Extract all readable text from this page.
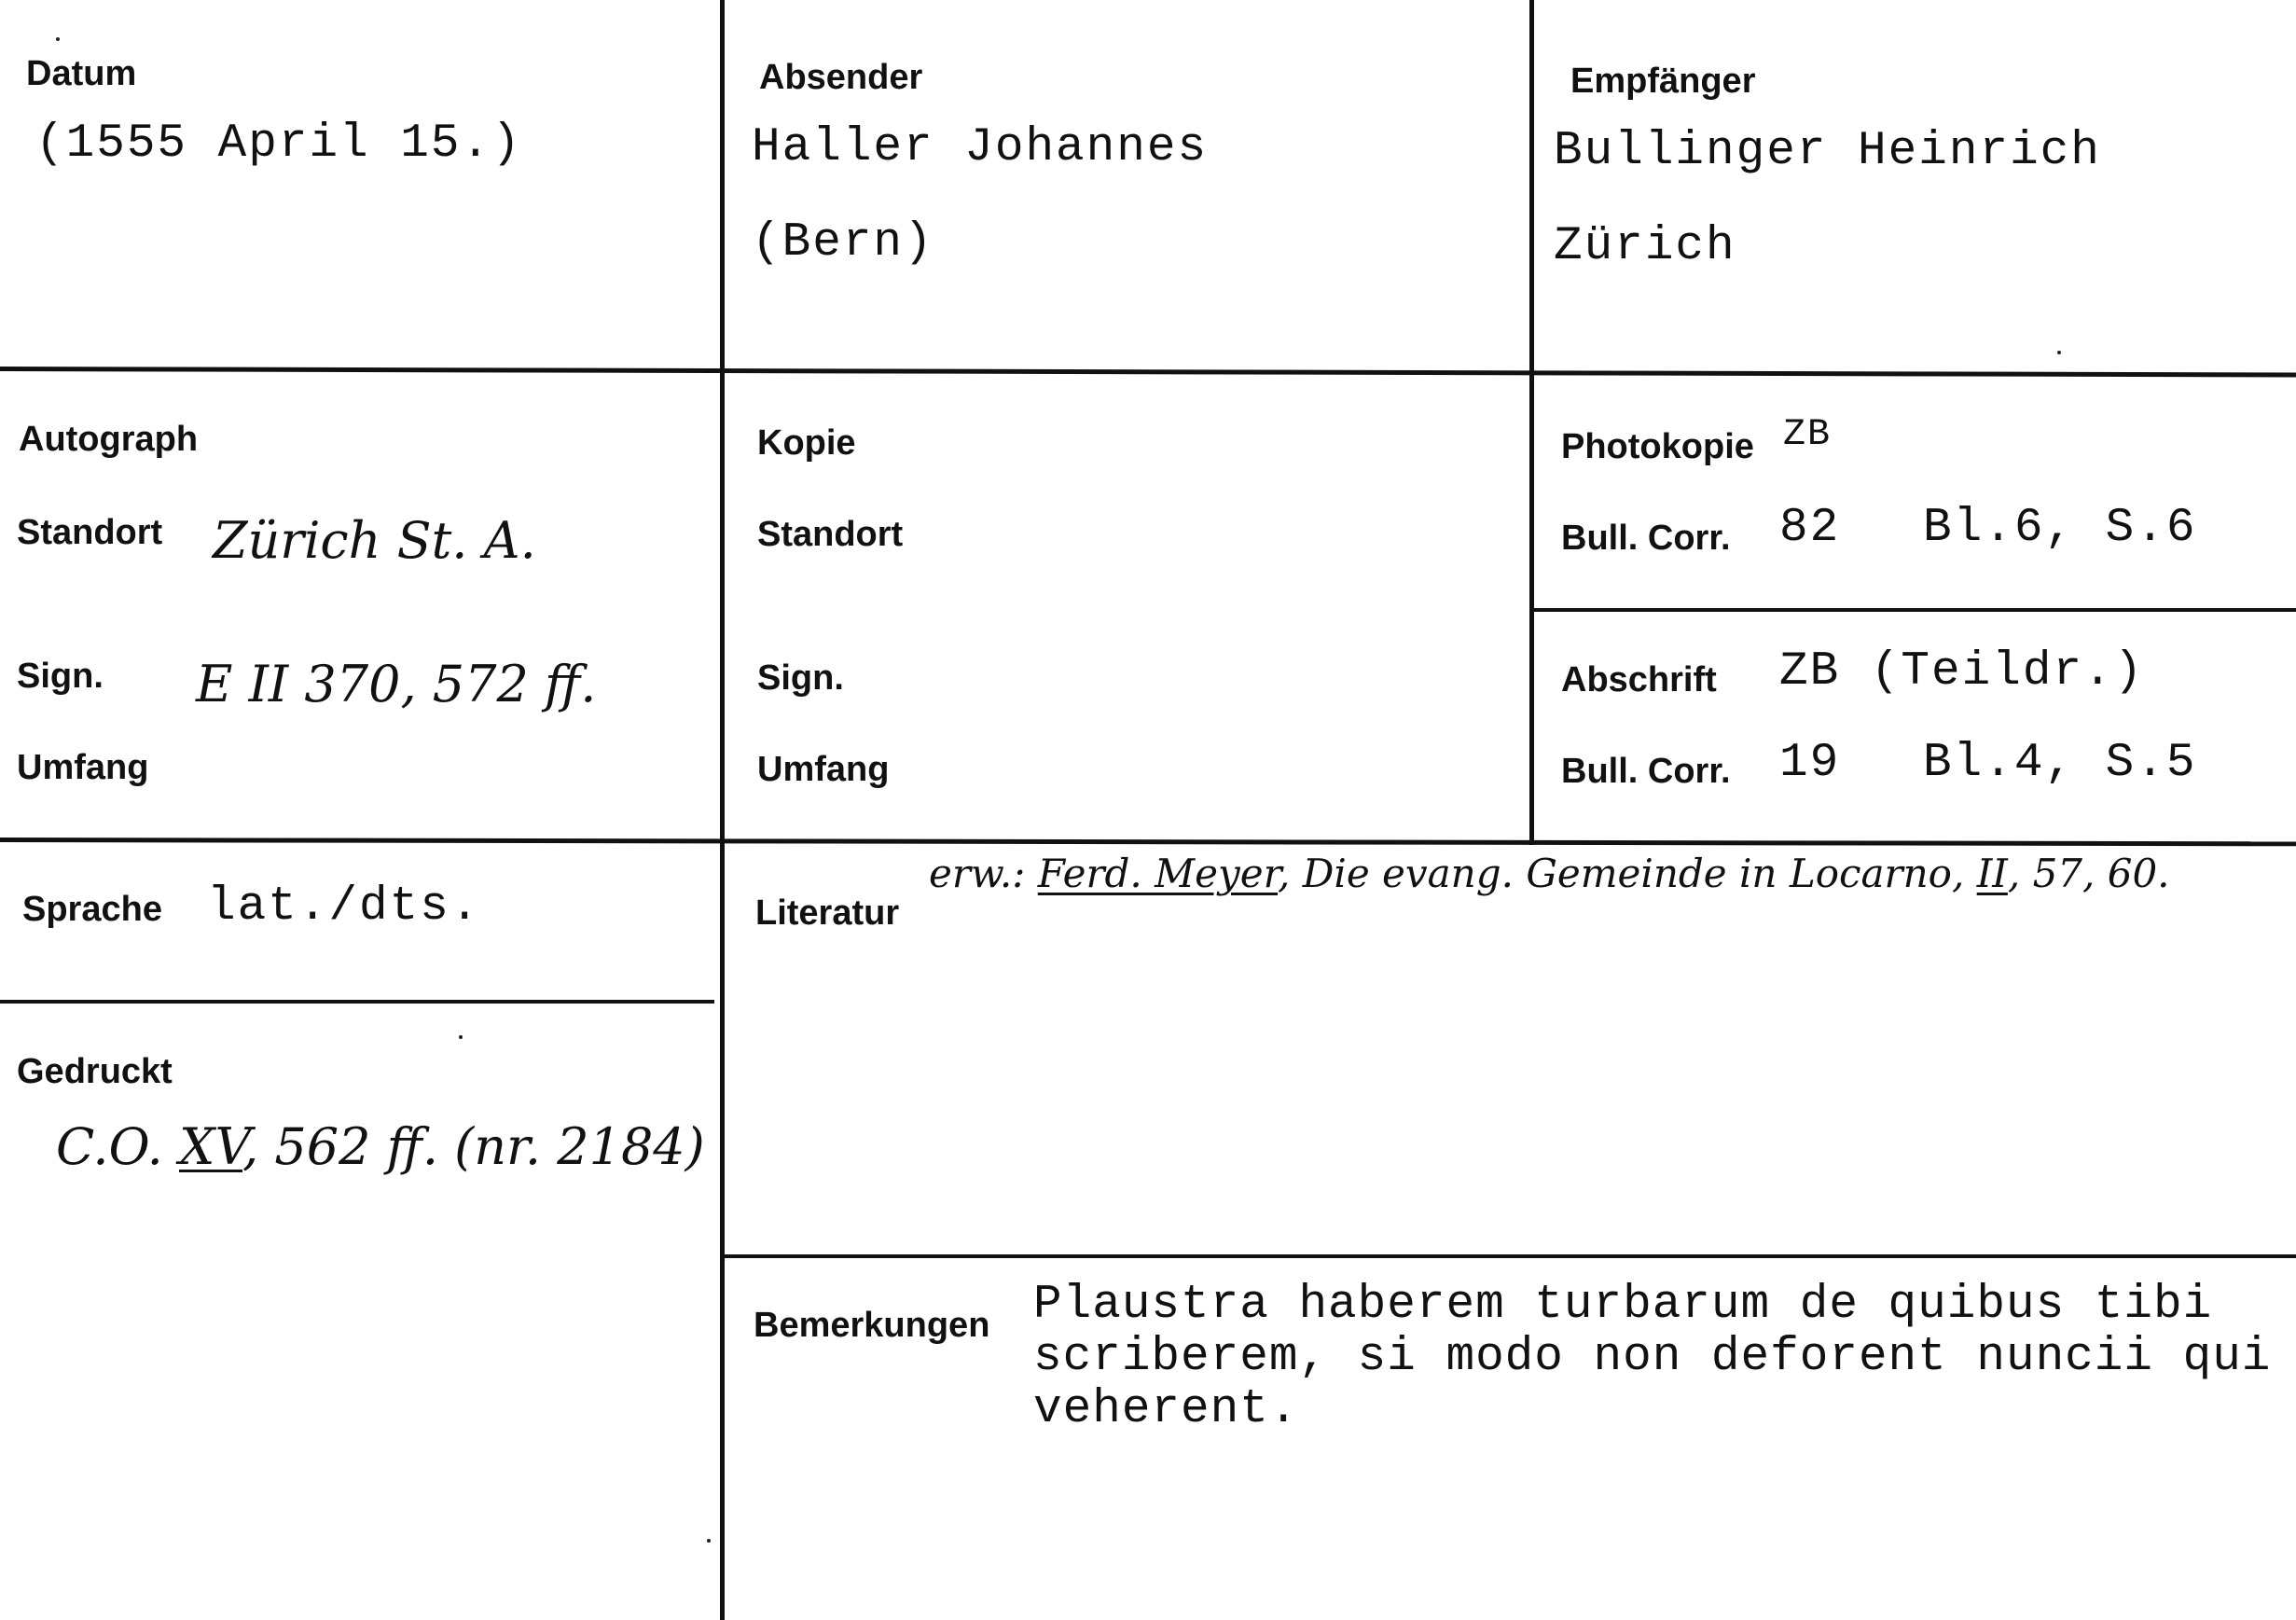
Datum
(1555 April 15.)
Absender
Haller Johannes
(Bern)
Empfänger
Bullinger Heinrich
Zürich
Autograph
Standort Zürich St. A.
Sign. E II 370, 572 ff.
Umfang
Kopie
Standort
Sign.
Umfang
Photokopie ZB
Bull. Corr. 82 Bl.6, S.6
Abschrift ZB (Teildr.)
Bull. Corr. 19 Bl.4, S.5
Sprache lat./dts.
Gedruckt
C.O. XV, 562 ff. (nr. 2184)
Literatur
erw.: Ferd. Meyer, Die evang. Gemeinde in Locarno, II, 57, 60.
Bemerkungen Plaustra haberem turbarum de quibus tibi
scriberem, si modo non deforent nuncii qui
veherent.
